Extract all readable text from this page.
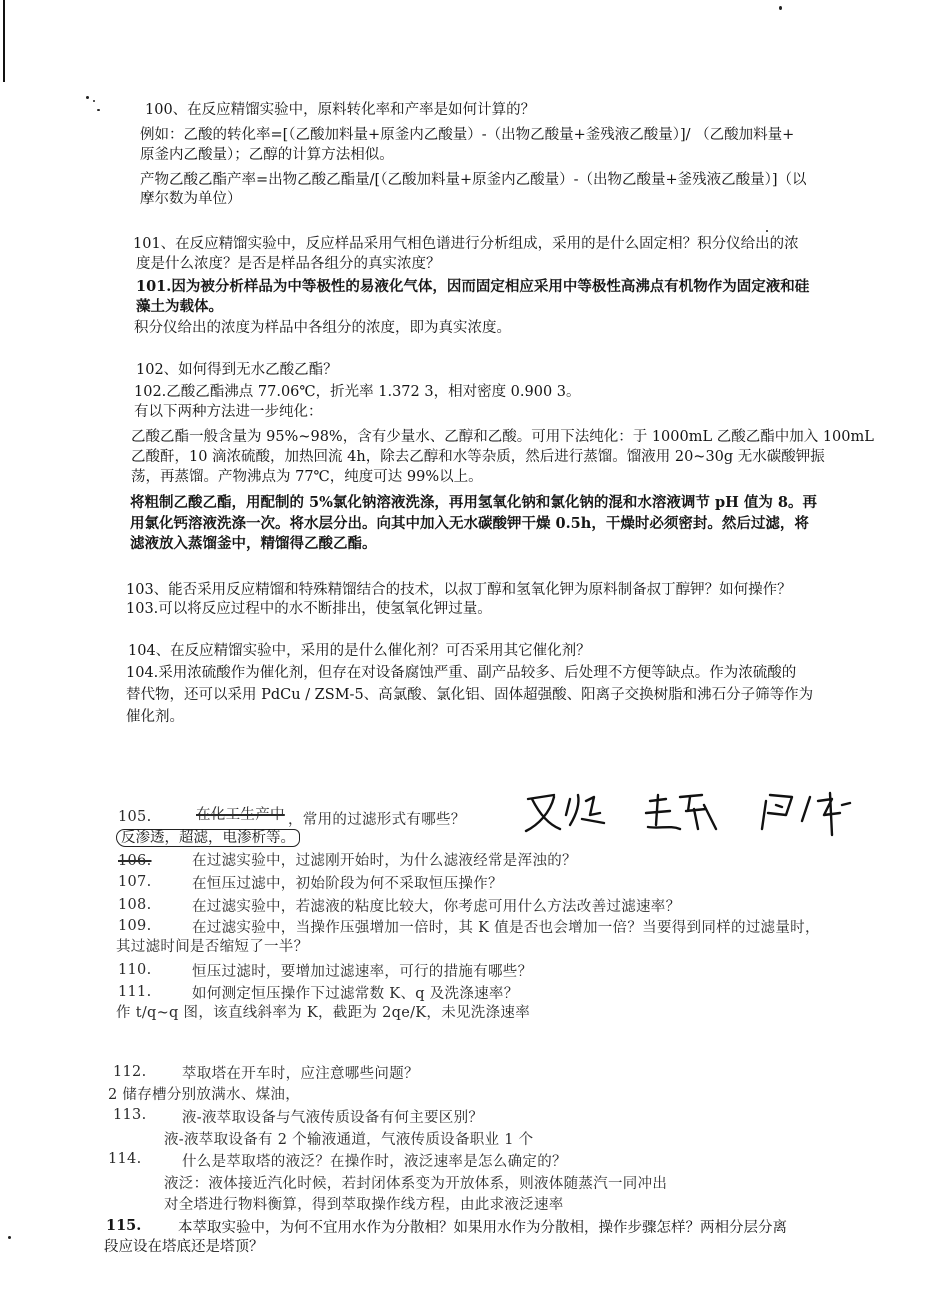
100、在反应精馏实验中，原料转化率和产率是如何计算的？
例如：乙酸的转化率=[（乙酸加料量+原釜内乙酸量）-（出物乙酸量+釜残液乙酸量）]/ （乙酸加料量+
原釜内乙酸量）；乙醇的计算方法相似。
产物乙酸乙酯产率=出物乙酸乙酯量/[（乙酸加料量+原釜内乙酸量）-（出物乙酸量+釜残液乙酸量）]（以
摩尔数为单位）
101、在反应精馏实验中，反应样品采用气相色谱进行分析组成，采用的是什么固定相？积分仪给出的浓
度是什么浓度？是否是样品各组分的真实浓度？
101.因为被分析样品为中等极性的易液化气体，因而固定相应采用中等极性高沸点有机物作为固定液和硅
藻土为载体。
积分仪给出的浓度为样品中各组分的浓度，即为真实浓度。
102、如何得到无水乙酸乙酯？
102.乙酸乙酯沸点 77.06℃，折光率 1.372 3，相对密度 0.900 3。
有以下两种方法进一步纯化：
乙酸乙酯一般含量为 95%~98%，含有少量水、乙醇和乙酸。可用下法纯化：于 1000mL 乙酸乙酯中加入 100mL
乙酸酐，10 滴浓硫酸，加热回流 4h，除去乙醇和水等杂质，然后进行蒸馏。馏液用 20~30g 无水碳酸钾振
荡，再蒸馏。产物沸点为 77℃，纯度可达 99%以上。
将粗制乙酸乙酯，用配制的 5%氯化钠溶液洗涤，再用氢氧化钠和氯化钠的混和水溶液调节 pH 值为 8。再
用氯化钙溶液洗涤一次。将水层分出。向其中加入无水碳酸钾干燥 0.5h，干燥时必须密封。然后过滤，将
滤液放入蒸馏釜中，精馏得乙酸乙酯。
103、能否采用反应精馏和特殊精馏结合的技术，以叔丁醇和氢氧化钾为原料制备叔丁醇钾？如何操作？
103.可以将反应过程中的水不断排出，使氢氧化钾过量。
104、在反应精馏实验中，采用的是什么催化剂？可否采用其它催化剂？
104.采用浓硫酸作为催化剂，但存在对设备腐蚀严重、副产品较多、后处理不方便等缺点。作为浓硫酸的
替代物，还可以采用 PdCu / ZSM-5、高氯酸、氯化铝、固体超强酸、阳离子交换树脂和沸石分子筛等作为
催化剂。
105.	在化工生产中 ，常用的过滤形式有哪些？
反渗透，超滤，电渗析等。
106.	在过滤实验中，过滤刚开始时，为什么滤液经常是浑浊的？
107.	在恒压过滤中，初始阶段为何不采取恒压操作？
108.	在过滤实验中，若滤液的粘度比较大，你考虑可用什么方法改善过滤速率？
109.	在过滤实验中，当操作压强增加一倍时，其 K 值是否也会增加一倍？当要得到同样的过滤量时，
其过滤时间是否缩短了一半？
110.	恒压过滤时，要增加过滤速率，可行的措施有哪些？
111.	如何测定恒压操作下过滤常数 K、q 及洗涤速率？
作 t/q~q 图，该直线斜率为 K，截距为 2qe/K，未见洗涤速率
112. 萃取塔在开车时，应注意哪些问题？
2 储存槽分别放满水、煤油，
113. 液-液萃取设备与气液传质设备有何主要区别？
液-液萃取设备有 2 个输液通道，气液传质设备职业 1 个
114.	什么是萃取塔的液泛？在操作时，液泛速率是怎么确定的？
液泛：液体接近汽化时候，若封闭体系变为开放体系，则液体随蒸汽一同冲出
对全塔进行物料衡算，得到萃取操作线方程，由此求液泛速率
115.	本萃取实验中，为何不宜用水作为分散相？如果用水作为分散相，操作步骤怎样？两相分层分离
段应设在塔底还是塔顶？
